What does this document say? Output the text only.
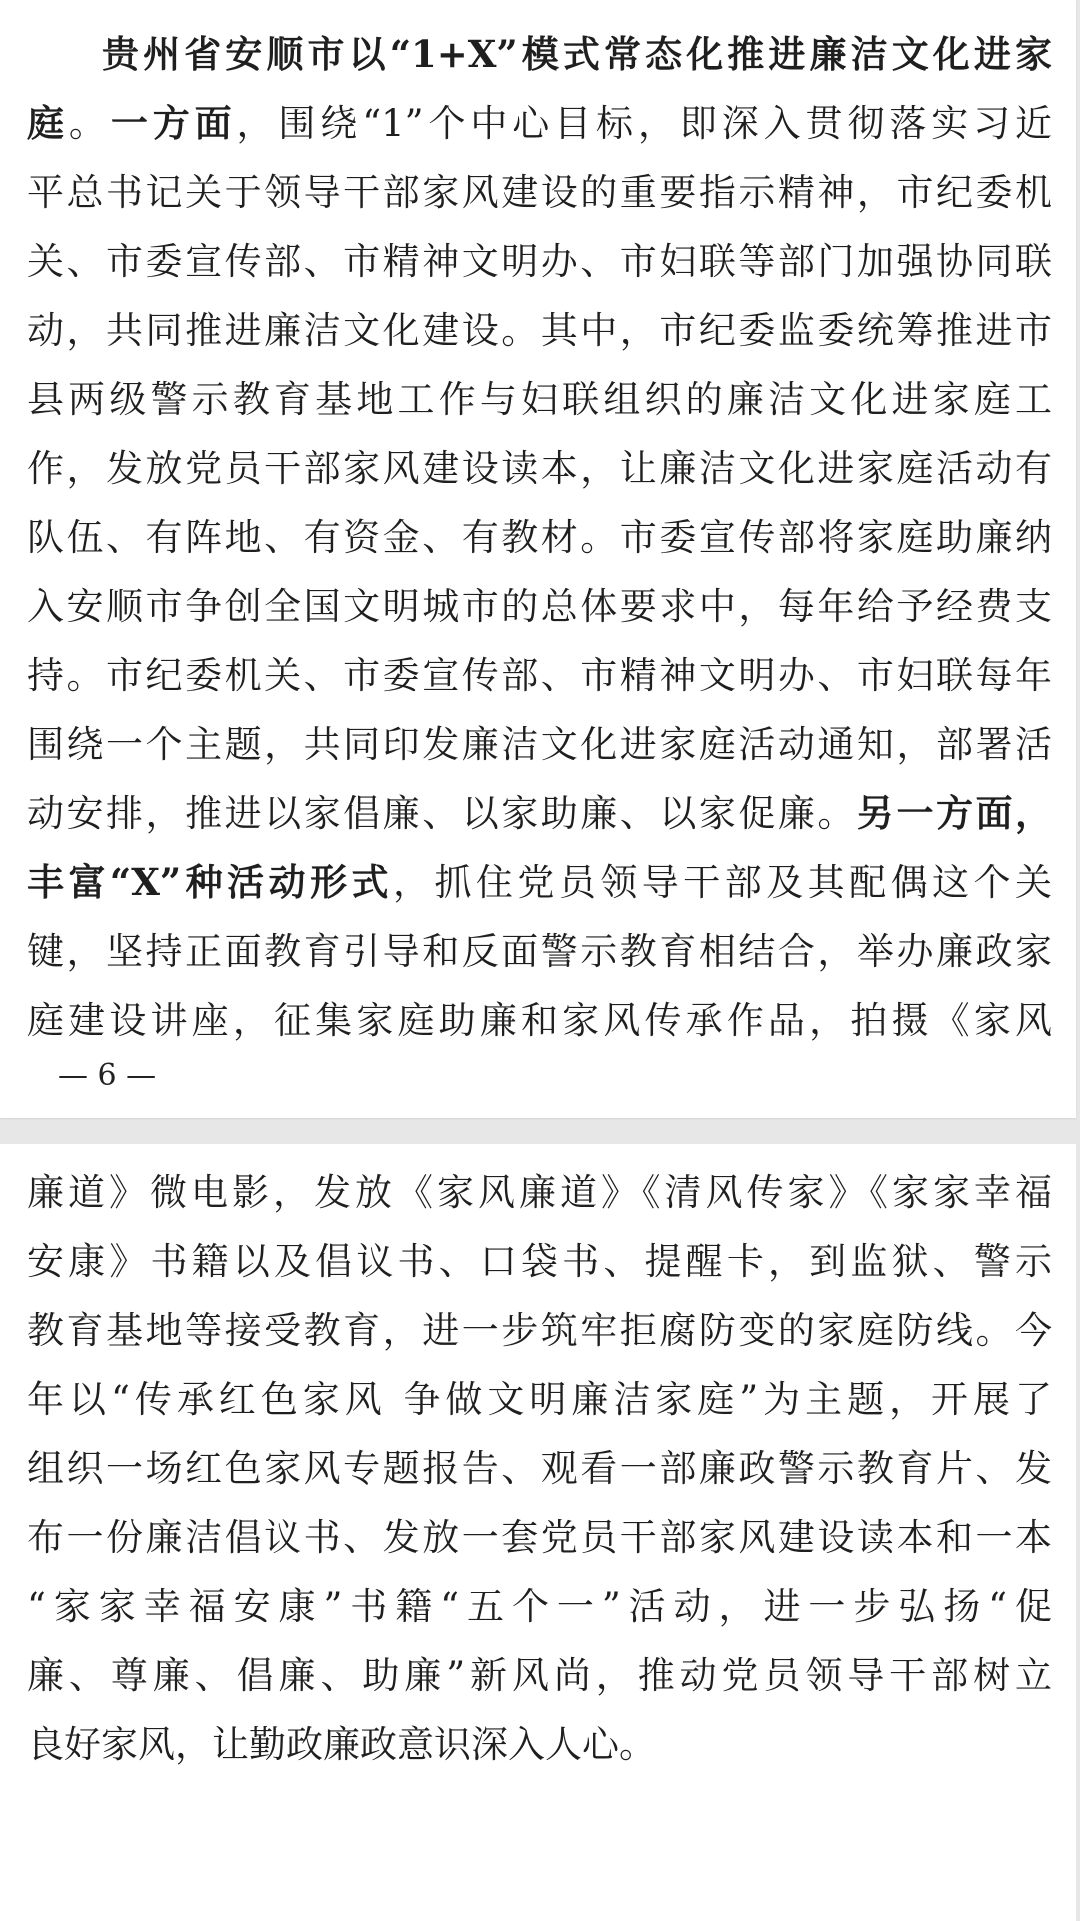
贵州省安顺市以“1+X”模式常态化推进廉洁文化进家
庭。一方面，围绕“1”个中心目标，即深入贯彻落实习近
平总书记关于领导干部家风建设的重要指示精神，市纪委机
关、市委宣传部、市精神文明办、市妇联等部门加强协同联
动，共同推进廉洁文化建设。其中，市纪委监委统筹推进市
县两级警示教育基地工作与妇联组织的廉洁文化进家庭工
作，发放党员干部家风建设读本，让廉洁文化进家庭活动有
队伍、有阵地、有资金、有教材。市委宣传部将家庭助廉纳
入安顺市争创全国文明城市的总体要求中，每年给予经费支
持。市纪委机关、市委宣传部、市精神文明办、市妇联每年
围绕一个主题，共同印发廉洁文化进家庭活动通知，部署活
动安排，推进以家倡廉、以家助廉、以家促廉。另一方面，
丰富“X”种活动形式，抓住党员领导干部及其配偶这个关
键，坚持正面教育引导和反面警示教育相结合，举办廉政家
庭建设讲座，征集家庭助廉和家风传承作品，拍摄《家风
— 6 —
廉道》微电影，发放《家风廉道》《清风传家》《家家幸福
安康》书籍以及倡议书、口袋书、提醒卡，到监狱、警示
教育基地等接受教育，进一步筑牢拒腐防变的家庭防线。今
年以“传承红色家风 争做文明廉洁家庭”为主题，开展了
组织一场红色家风专题报告、观看一部廉政警示教育片、发
布一份廉洁倡议书、发放一套党员干部家风建设读本和一本
“家家幸福安康”书籍“五个一”活动，进一步弘扬“促
廉、尊廉、倡廉、助廉”新风尚，推动党员领导干部树立
良好家风，让勤政廉政意识深入人心。
